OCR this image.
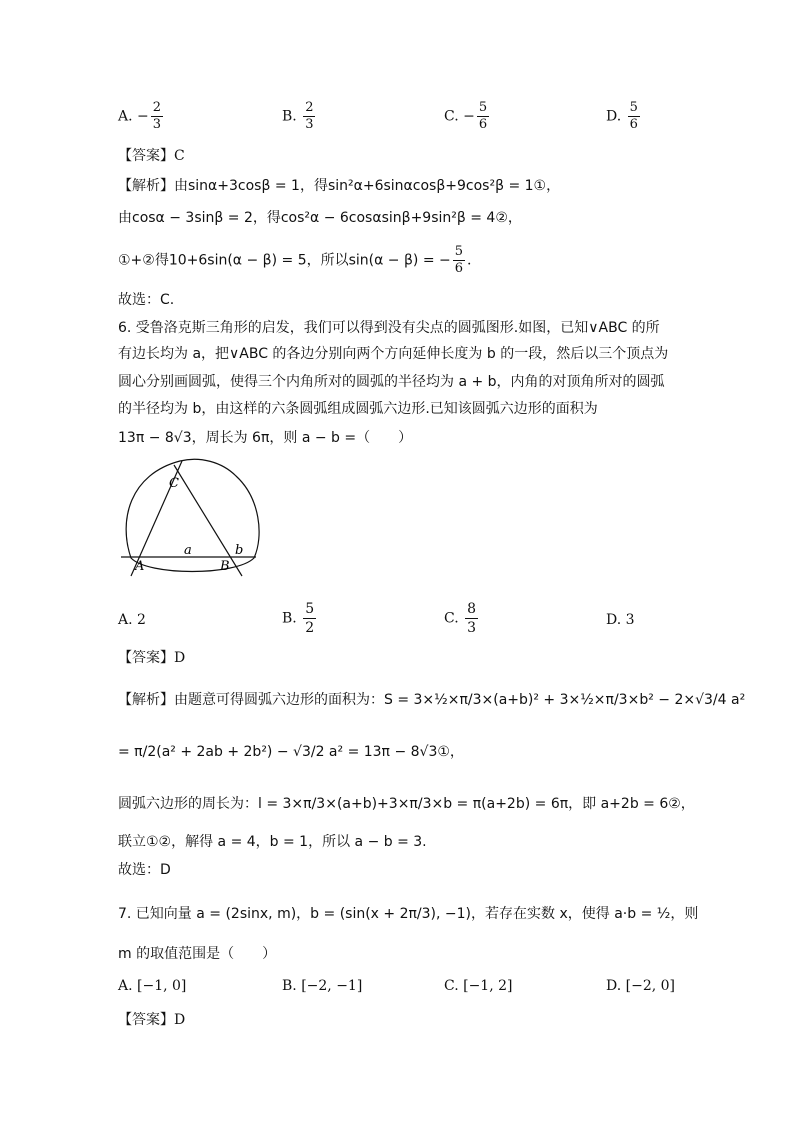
A. − $\frac{2}{3}$	B. $\frac{2}{3}$	C. − $\frac{5}{6}$	D. $\frac{5}{6}$
【答案】C
【解析】由sinα+3cosβ = 1，得sin²α+6sinαcosβ+9cos²β = 1①，
由cosα − 3sinβ = 2，得cos²α − 6cosαsinβ+9sin²β = 4②，
①+②得10+6sin(α − β) = 5，所以sin(α − β) = − $\frac{5}{6}$ .
故选：C.
6. 受鲁洛克斯三角形的启发，我们可以得到没有尖点的圆弧图形.如图，已知∨ABC 的所
有边长均为 a，把∨ABC 的各边分别向两个方向延伸长度为 b 的一段，然后以三个顶点为
圆心分别画圆弧，使得三个内角所对的圆弧的半径均为 a + b，内角的对顶角所对的圆弧
的半径均为 b，由这样的六条圆弧组成圆弧六边形.已知该圆弧六边形的面积为
13π − 8√3，周长为 6π，则 a − b =（　　）
C
A	B
a	b
A. 2	B. $\frac{5}{2}$	C. $\frac{8}{3}$	D. 3
【答案】D
【解析】由题意可得圆弧六边形的面积为：S = 3×½×π/3×(a+b)² + 3×½×π/3×b² − 2×√3/4 a²
= π/2(a² + 2ab + 2b²) − √3/2 a² = 13π − 8√3①，
圆弧六边形的周长为：l = 3×π/3×(a+b)+3×π/3×b = π(a+2b) = 6π，即 a+2b = 6②，
联立①②，解得 a = 4，b = 1，所以 a − b = 3.
故选：D
7. 已知向量 a = (2sinx, m)，b = (sin(x + 2π/3), −1)，若存在实数 x，使得 a·b = ½，则
m 的取值范围是（　　）
A. [−1, 0]	B. [−2, −1]	C. [−1, 2]	D. [−2, 0]
【答案】D
